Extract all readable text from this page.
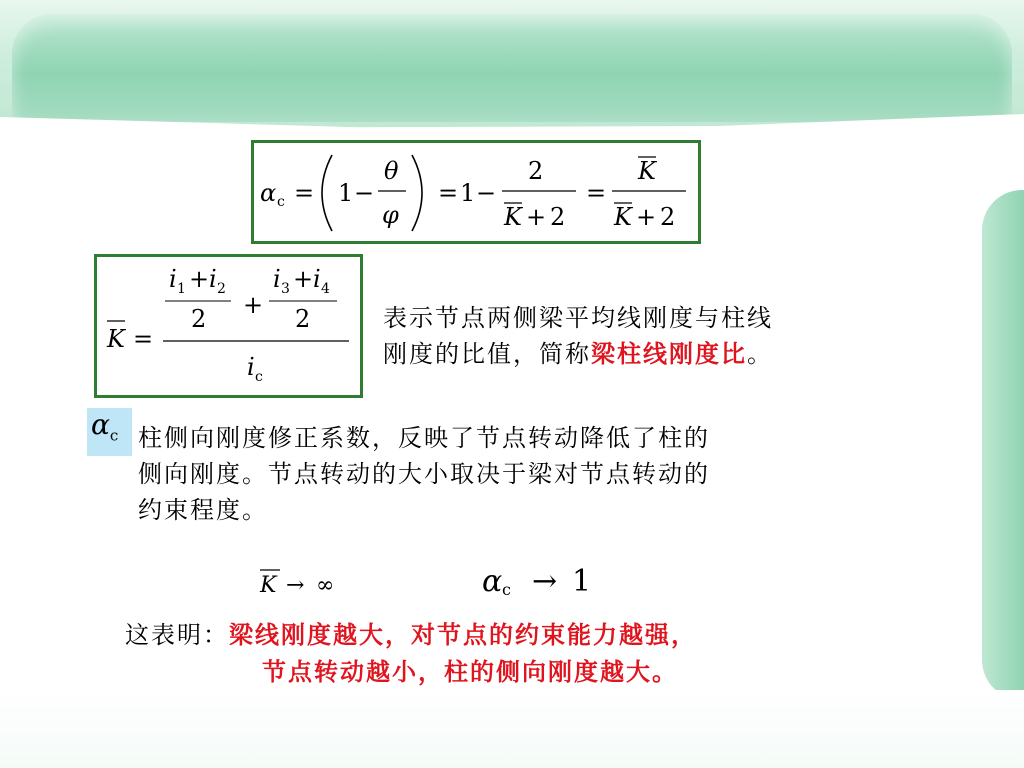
α c = 1 −
θ
φ
= 1 −
2
K + 2
=
K
K + 2
K =
i 1 + i 2
2 +
i 3 + i 4
2
i c
表示节点两侧梁平均线刚度与柱线
刚度的比值，简称梁柱线刚度比。
$\alpha_c$ 柱侧向刚度修正系数，反映了节点转动降低了柱的
侧向刚度。节点转动的大小取决于梁对节点转动的
约束程度。
K → ∞	α c → 1
这表明：梁线刚度越大，对节点的约束能力越强，
节点转动越小，柱的侧向刚度越大。
